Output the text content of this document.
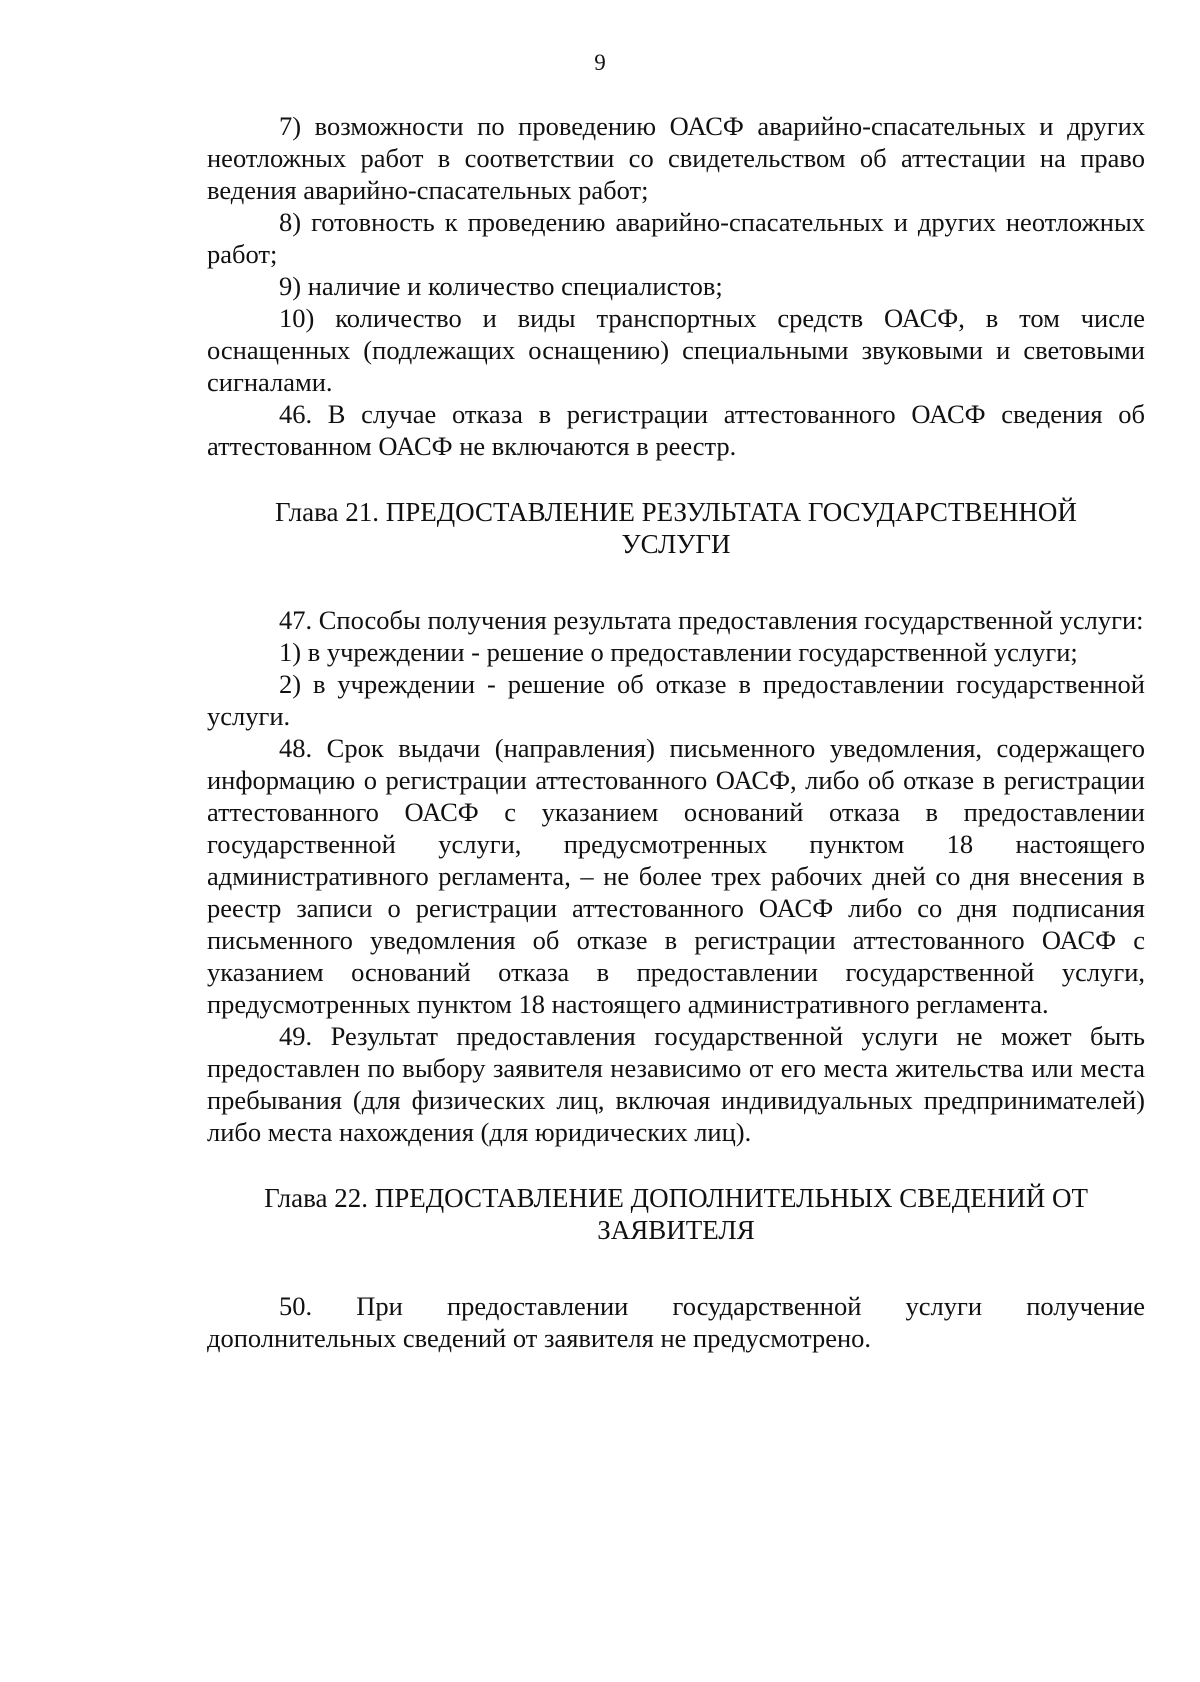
9

7) возможности по проведению ОАСФ аварийно-спасательных и других неотложных работ в соответствии со свидетельством об аттестации на право ведения аварийно-спасательных работ;

8) готовность к проведению аварийно-спасательных и других неотложных работ;

9) наличие и количество специалистов;

10) количество и виды транспортных средств ОАСФ, в том числе оснащенных (подлежащих оснащению) специальными звуковыми и световыми сигналами.

46. В случае отказа в регистрации аттестованного ОАСФ сведения об аттестованном ОАСФ не включаются в реестр.

Глава 21. ПРЕДОСТАВЛЕНИЕ РЕЗУЛЬТАТА ГОСУДАРСТВЕННОЙ УСЛУГИ

47. Способы получения результата предоставления государственной услуги:

1) в учреждении - решение о предоставлении государственной услуги;

2) в учреждении - решение об отказе в предоставлении государственной услуги.

48. Срок выдачи (направления) письменного уведомления, содержащего информацию о регистрации аттестованного ОАСФ, либо об отказе в регистрации аттестованного ОАСФ с указанием оснований отказа в предоставлении государственной услуги, предусмотренных пунктом 18 настоящего административного регламента, – не более трех рабочих дней со дня внесения в реестр записи о регистрации аттестованного ОАСФ либо со дня подписания письменного уведомления об отказе в регистрации аттестованного ОАСФ с указанием оснований отказа в предоставлении государственной услуги, предусмотренных пунктом 18 настоящего административного регламента.

49. Результат предоставления государственной услуги не может быть предоставлен по выбору заявителя независимо от его места жительства или места пребывания (для физических лиц, включая индивидуальных предпринимателей) либо места нахождения (для юридических лиц).

Глава 22. ПРЕДОСТАВЛЕНИЕ ДОПОЛНИТЕЛЬНЫХ СВЕДЕНИЙ ОТ ЗАЯВИТЕЛЯ

50. При предоставлении государственной услуги получение дополнительных сведений от заявителя не предусмотрено.
